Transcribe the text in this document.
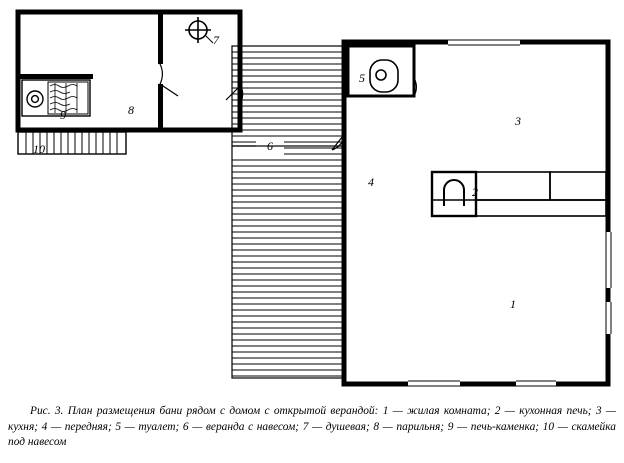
1
2
3
4
5
6
7
8
9
10
Рис. 3. План размещения бани рядом с домом с открытой верандой: 1 — жилая комната; 2 — кухонная печь; 3 — кухня; 4 — передняя; 5 — туалет; 6 — веранда с навесом; 7 — душевая; 8 — парильня; 9 — печь-каменка; 10 — скамейка под навесом
